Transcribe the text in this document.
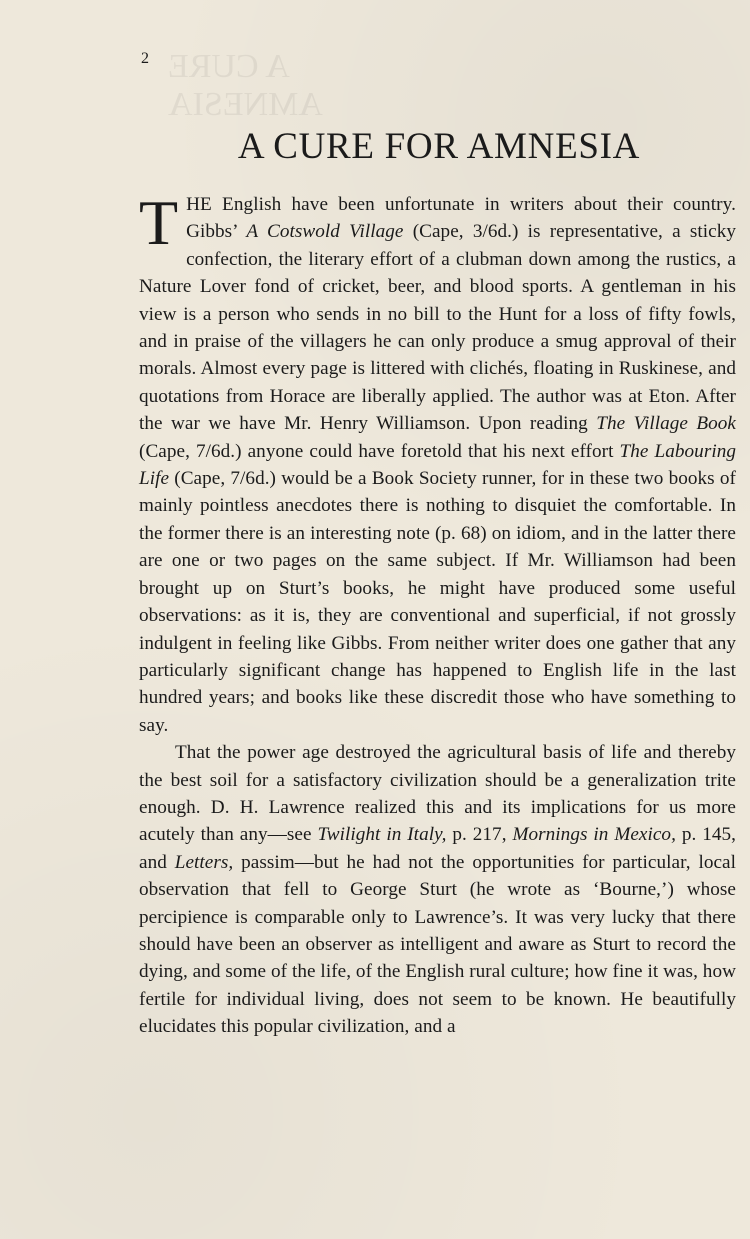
A CURE
AMNESIA
2
A CURE FOR AMNESIA

T HE English have been unfortunate in writers about their country. Gibbs’ A Cotswold Village (Cape, 3/6d.) is representative, a sticky confection, the literary effort of a clubman down among the rustics, a Nature Lover fond of cricket, beer, and blood sports. A gentleman in his view is a person who sends in no bill to the Hunt for a loss of fifty fowls, and in praise of the villagers he can only produce a smug approval of their morals. Almost every page is littered with clichés, floating in Ruskinese, and quotations from Horace are liberally applied. The author was at Eton. After the war we have Mr. Henry Williamson. Upon reading The Village Book (Cape, 7/6d.) anyone could have foretold that his next effort The Labouring Life (Cape, 7/6d.) would be a Book Society runner, for in these two books of mainly pointless anecdotes there is nothing to disquiet the comfortable. In the former there is an interesting note (p. 68) on idiom, and in the latter there are one or two pages on the same subject. If Mr. Williamson had been brought up on Sturt’s books, he might have produced some useful observations: as it is, they are conventional and superficial, if not grossly indulgent in feeling like Gibbs. From neither writer does one gather that any particularly significant change has happened to English life in the last hundred years; and books like these discredit those who have something to say.

That the power age destroyed the agricultural basis of life and thereby the best soil for a satisfactory civilization should be a generalization trite enough. D. H. Lawrence realized this and its implications for us more acutely than any—see Twilight in Italy, p. 217, Mornings in Mexico, p. 145, and Letters, passim—but he had not the opportunities for particular, local observation that fell to George Sturt (he wrote as ‘Bourne,’) whose percipience is comparable only to Lawrence’s. It was very lucky that there should have been an observer as intelligent and aware as Sturt to record the dying, and some of the life, of the English rural culture; how fine it was, how fertile for individual living, does not seem to be known. He beautifully elucidates this popular civilization, and a
